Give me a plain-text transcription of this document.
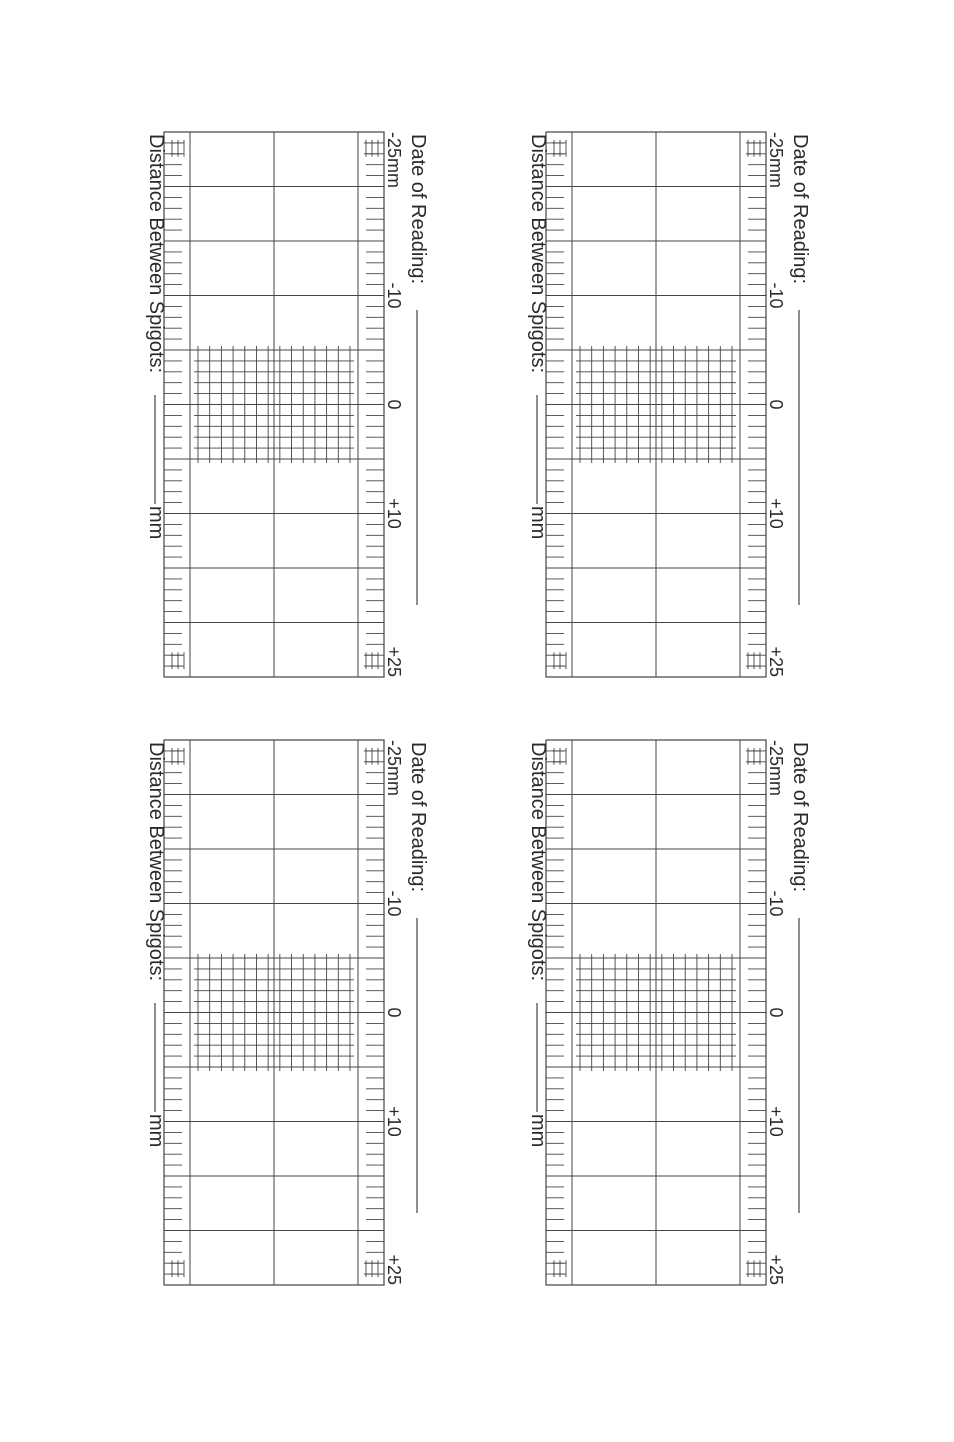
Date of Reading:
-25mm
-10
0
+10
+25
Distance Between Spigots:
mm
Date of Reading:
-25mm
-10
0
+10
+25
Distance Between Spigots:
mm
Date of Reading:
-25mm
-10
0
+10
+25
Distance Between Spigots:
mm
Date of Reading:
-25mm
-10
0
+10
+25
Distance Between Spigots:
mm
